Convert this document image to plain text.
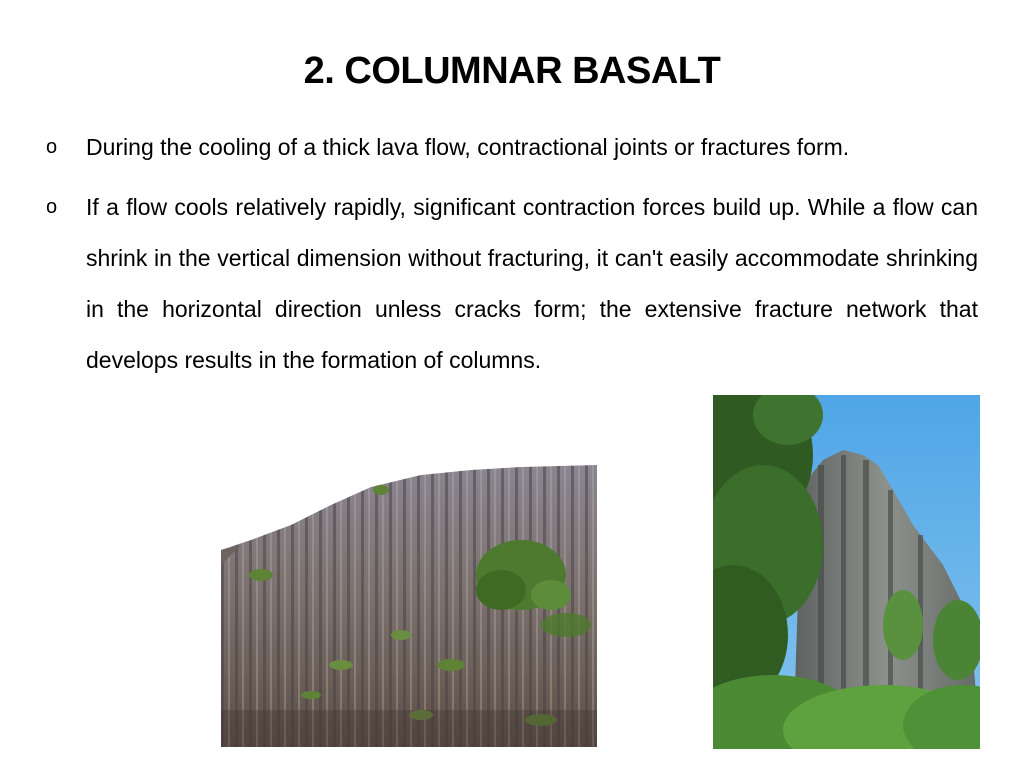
2. COLUMNAR BASALT
o	During the cooling of a thick lava flow, contractional joints or fractures form.
o	If a flow cools relatively rapidly, significant contraction forces build up. While a flow can shrink in the vertical dimension without fracturing, it can't easily accommodate shrinking in the horizontal direction unless cracks form; the extensive fracture network that develops results in the formation of columns.
